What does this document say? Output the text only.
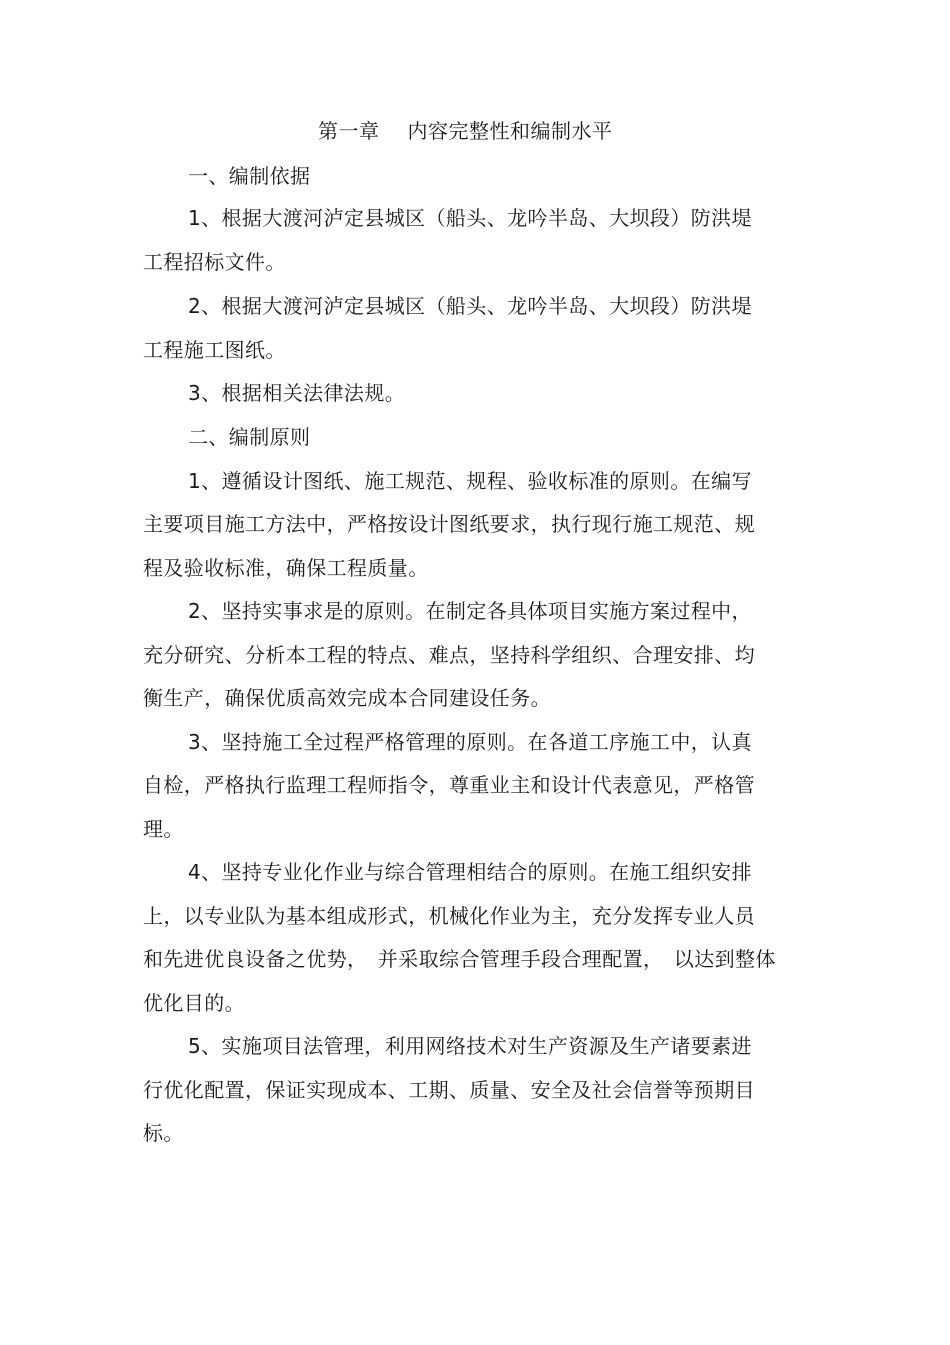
第一章 内容完整性和编制水平
一、编制依据
1、根据大渡河泸定县城区（船头、龙吟半岛、大坝段）防洪堤
工程招标文件。
2、根据大渡河泸定县城区（船头、龙吟半岛、大坝段）防洪堤
工程施工图纸。
3、根据相关法律法规。
二、编制原则
1、遵循设计图纸、施工规范、规程、验收标准的原则。在编写
主要项目施工方法中，严格按设计图纸要求，执行现行施工规范、规
程及验收标准，确保工程质量。
2、坚持实事求是的原则。在制定各具体项目实施方案过程中，
充分研究、分析本工程的特点、难点，坚持科学组织、合理安排、均
衡生产，确保优质高效完成本合同建设任务。
3、坚持施工全过程严格管理的原则。在各道工序施工中，认真
自检，严格执行监理工程师指令，尊重业主和设计代表意见，严格管
理。
4、坚持专业化作业与综合管理相结合的原则。在施工组织安排
上，以专业队为基本组成形式，机械化作业为主，充分发挥专业人员
和先进优良设备之优势，　并采取综合管理手段合理配置，　以达到整体
优化目的。
5、实施项目法管理，利用网络技术对生产资源及生产诸要素进
行优化配置，保证实现成本、工期、质量、安全及社会信誉等预期目
标。
